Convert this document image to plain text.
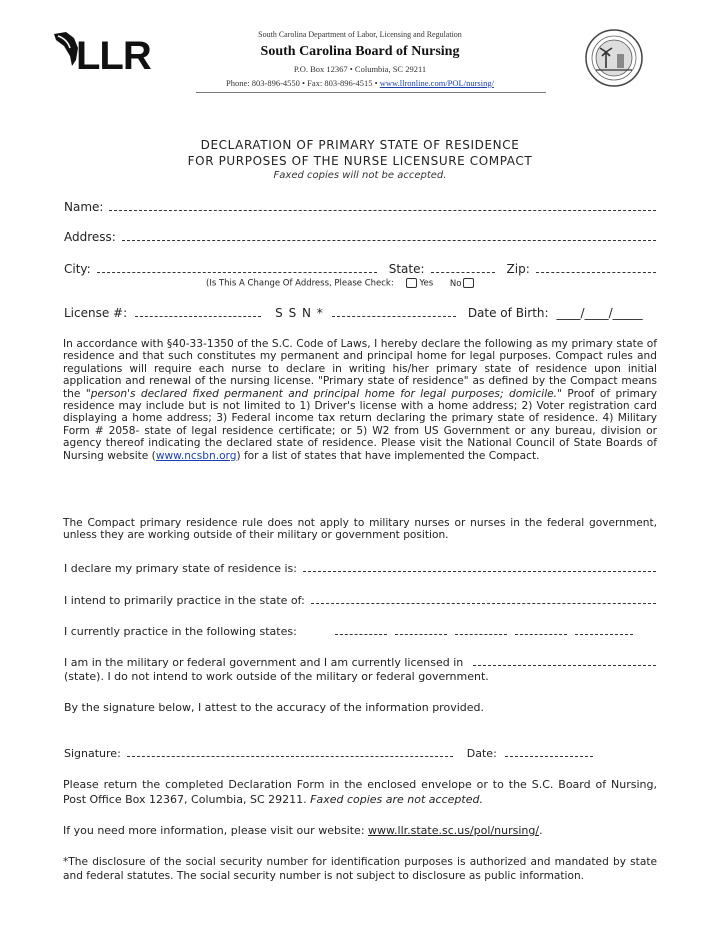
LLR	South Carolina Department of Labor, Licensing and Regulation
South Carolina Board of Nursing
P.O. Box 12367 • Columbia, SC 29211
Phone: 803-896-4550 • Fax: 803-896-4515 • www.llronline.com/POL/nursing/
DECLARATION OF PRIMARY STATE OF RESIDENCE
FOR PURPOSES OF THE NURSE LICENSURE COMPACT
Faxed copies will not be accepted.
Name:
Address:
City:	State:	Zip:
(Is This A Change Of Address, Please Check:	Yes No
License #:	S S N *	Date of Birth: ____/____/_____
In accordance with §40-33-1350 of the S.C. Code of Laws, I hereby declare the following as my primary state of residence and that such constitutes my permanent and principal home for legal purposes. Compact rules and regulations will require each nurse to declare in writing his/her primary state of residence upon initial application and renewal of the nursing license. "Primary state of residence" as defined by the Compact means the "person's declared fixed permanent and principal home for legal purposes; domicile." Proof of primary residence may include but is not limited to 1) Driver's license with a home address; 2) Voter registration card displaying a home address; 3) Federal income tax return declaring the primary state of residence. 4) Military Form # 2058- state of legal residence certificate; or 5) W2 from US Government or any bureau, division or agency thereof indicating the declared state of residence. Please visit the National Council of State Boards of Nursing website (www.ncsbn.org) for a list of states that have implemented the Compact.
The Compact primary residence rule does not apply to military nurses or nurses in the federal government, unless they are working outside of their military or government position.
I declare my primary state of residence is:
I intend to primarily practice in the state of:
I currently practice in the following states:
I am in the military or federal government and I am currently licensed in
(state). I do not intend to work outside of the military or federal government.
By the signature below, I attest to the accuracy of the information provided.
Signature:	Date:
Please return the completed Declaration Form in the enclosed envelope or to the S.C. Board of Nursing, Post Office Box 12367, Columbia, SC 29211. Faxed copies are not accepted.
If you need more information, please visit our website: www.llr.state.sc.us/pol/nursing/.
*The disclosure of the social security number for identification purposes is authorized and mandated by state and federal statutes. The social security number is not subject to disclosure as public information.
